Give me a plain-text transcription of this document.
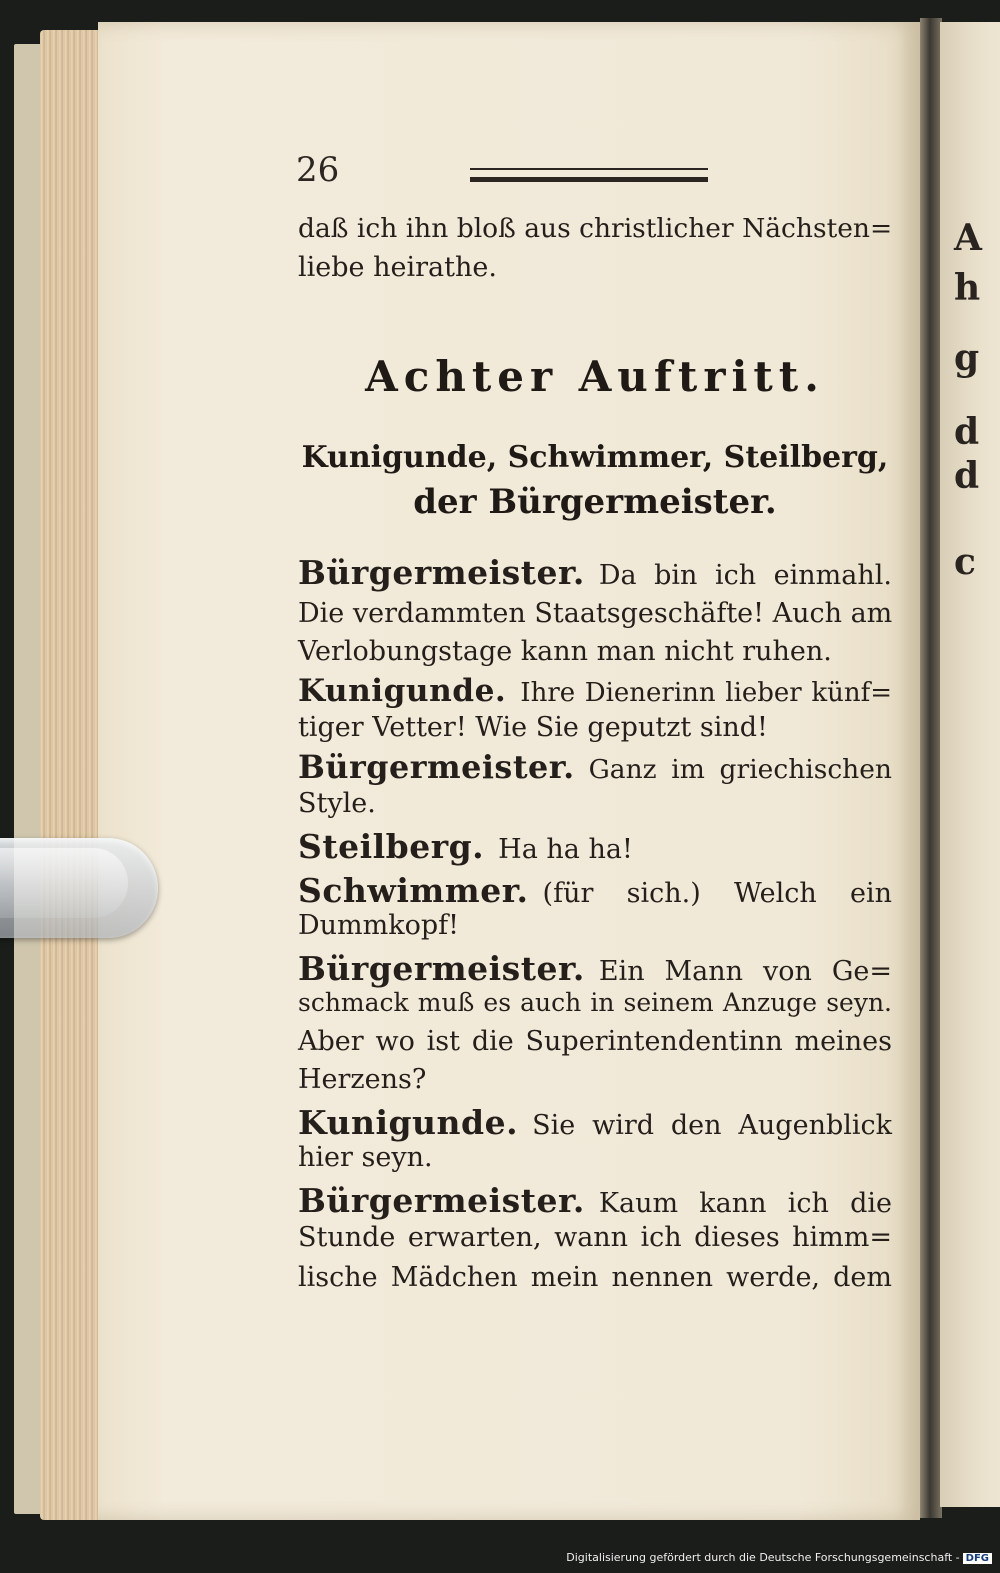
A
h
g
d
d
c
26
daß ich ihn bloß aus christlicher Nächsten=
liebe heirathe.
Achter Auftritt.
Kunigunde, Schwimmer, Steilberg,
der Bürgermeister.
Bürgermeister. Da bin ich einmahl.
Die verdammten Staatsgeschäfte! Auch am
Verlobungstage kann man nicht ruhen.
Kunigunde. Ihre Dienerinn lieber künf=
tiger Vetter! Wie Sie geputzt sind!
Bürgermeister. Ganz im griechischen
Style.
Steilberg. Ha ha ha!
Schwimmer. (für sich.) Welch ein
Dummkopf!
Bürgermeister. Ein Mann von Ge=
schmack muß es auch in seinem Anzuge seyn.
Aber wo ist die Superintendentinn meines
Herzens?
Kunigunde. Sie wird den Augenblick
hier seyn.
Bürgermeister. Kaum kann ich die
Stunde erwarten, wann ich dieses himm=
lische Mädchen mein nennen werde, dem
Digitalisierung gefördert durch die Deutsche Forschungsgemeinschaft - DFG
